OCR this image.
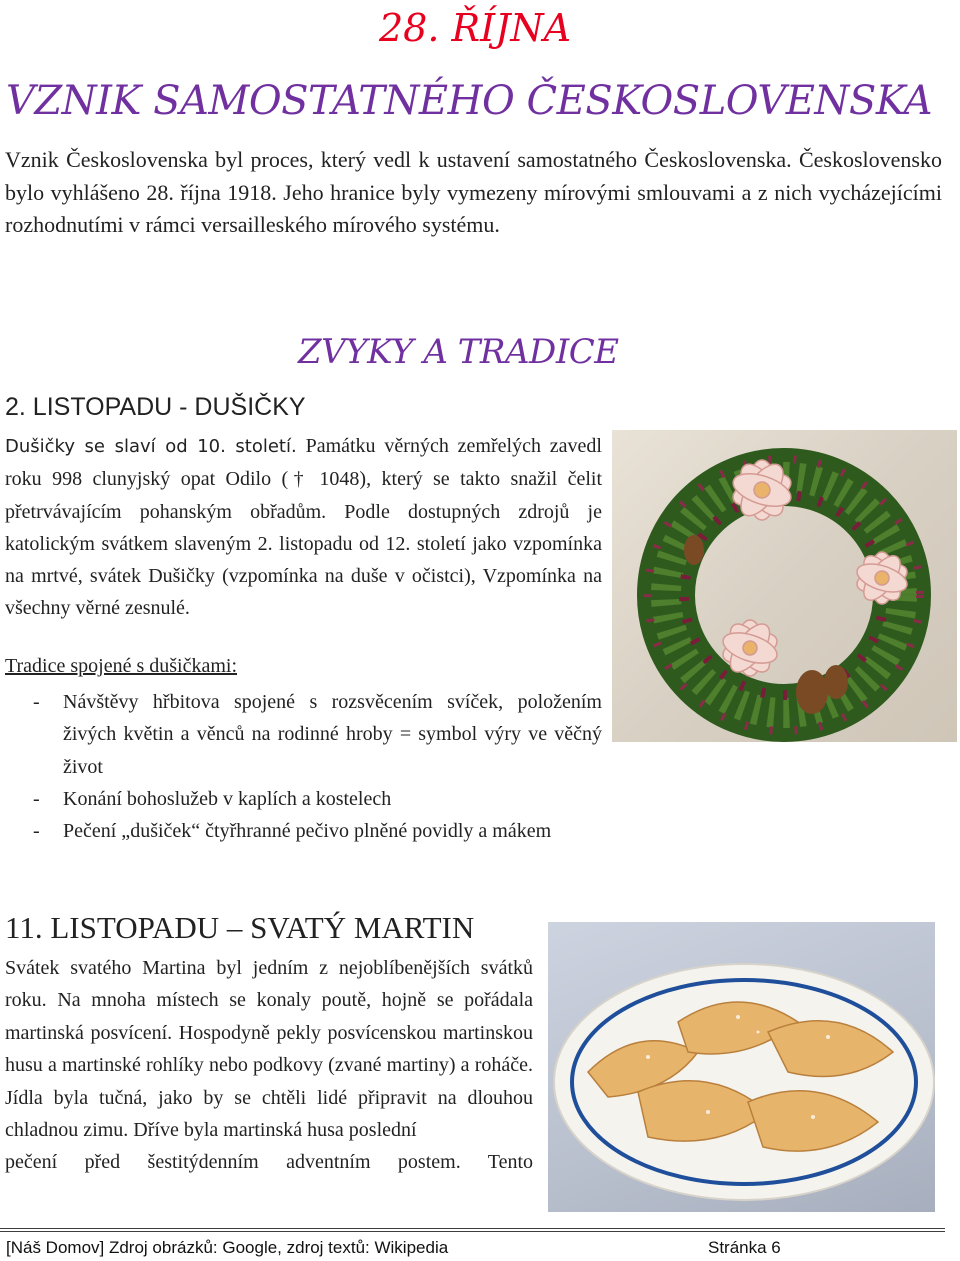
28. ŘÍJNA
VZNIK SAMOSTATNÉHO ČESKOSLOVENSKA
Vznik Československa byl proces, který vedl k ustavení samostatného Československa. Československo bylo vyhlášeno 28. října 1918. Jeho hranice byly vymezeny mírovými smlouvami a z nich vycházejícími rozhodnutími v rámci versailleského mírového systému.
ZVYKY A TRADICE
2. LISTOPADU - DUŠIČKY
Dušičky se slaví od 10. století. Památku věrných zemřelých zavedl roku 998 clunyjský opat Odilo († 1048), který se takto snažil čelit přetrvávajícím pohanským obřadům. Podle dostupných zdrojů je katolickým svátkem slaveným 2. listopadu od 12. století jako vzpomínka na mrtvé, svátek Dušičky (vzpomínka na duše v očistci), Vzpomínka na všechny věrné zesnulé.
Tradice spojené s dušičkami:
- Návštěvy hřbitova spojené s rozsvěcením svíček, položením živých květin a věnců na rodinné hroby = symbol výry ve věčný život
- Konání bohoslužeb v kaplích a kostelech
- Pečení „dušiček“ čtyřhranné pečivo plněné povidly a mákem
11. LISTOPADU – SVATÝ MARTIN
Svátek svatého Martina byl jedním z nejoblíbenějších svátků roku. Na mnoha místech se konaly poutě, hojně se pořádala martinská posvícení. Hospodyně pekly posvícenskou martinskou husu a martinské rohlíky nebo podkovy (zvané martiny) a roháče. Jídla byla tučná, jako by se chtěli lidé připravit na dlouhou chladnou zimu. Dříve byla martinská husa poslední
pečení před šestitýdenním adventním postem. Tento
[Náš Domov] Zdroj obrázků: Google, zdroj textů: Wikipedia	Stránka 6
